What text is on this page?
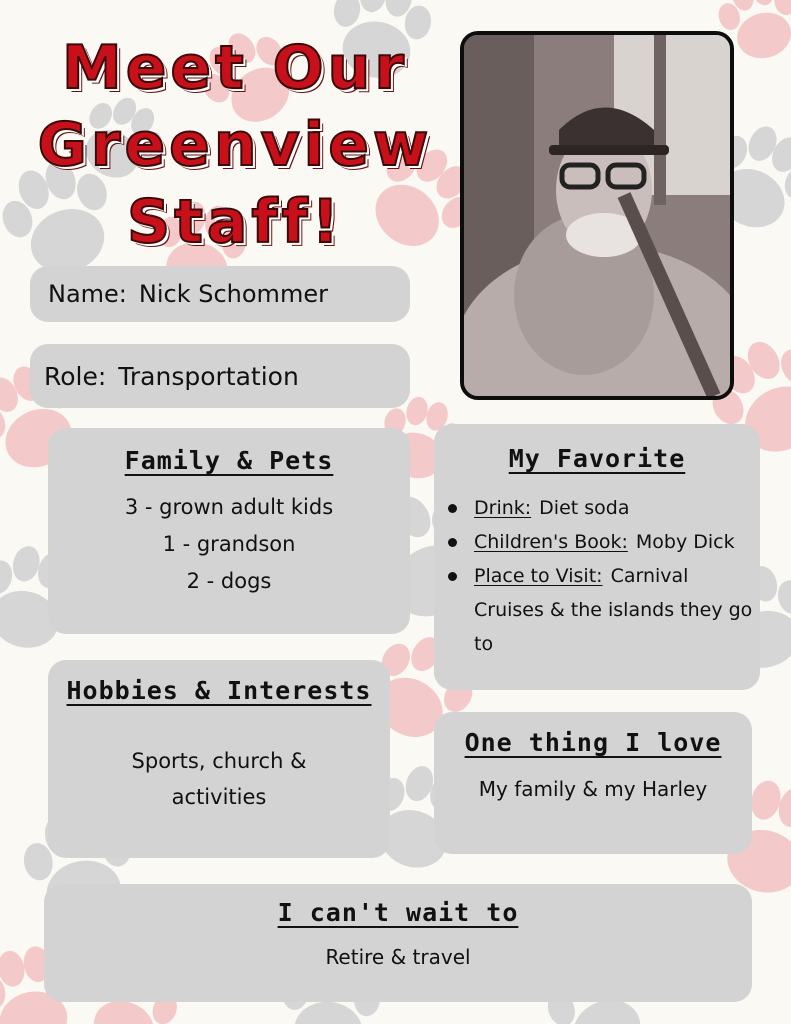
Meet Our
Greenview
Staff!
Name: Nick Schommer
Role: Transportation
Family & Pets
3 - grown adult kids
1 - grandson
2 - dogs
My Favorite
Drink: Diet soda
Children's Book: Moby Dick
Place to Visit: Carnival Cruises & the islands they go to
Hobbies & Interests
Sports, church &
activities
One thing I love
My family & my Harley
I can't wait to
Retire & travel
